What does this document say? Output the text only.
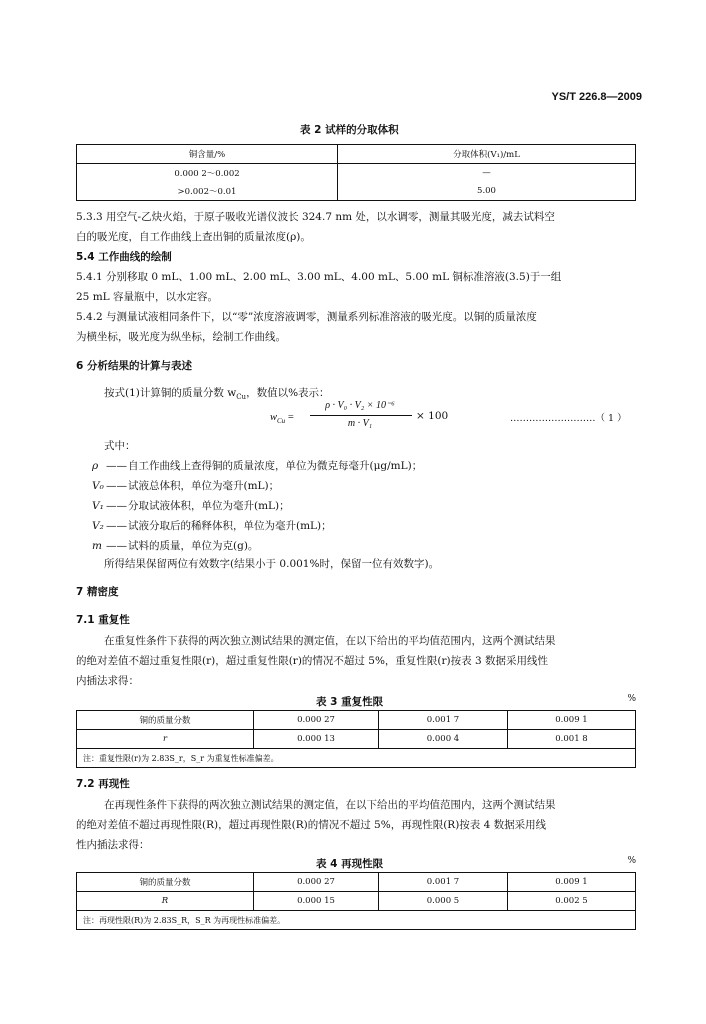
YS/T 226.8—2009
表 2 试样的分取体积
铜含量/%	分取体积(V₁)/mL
0.000 2～0.002	—
>0.002～0.01	5.00
5.3.3 用空气-乙炔火焰，于原子吸收光谱仪波长 324.7 nm 处，以水调零，测量其吸光度，减去试料空
白的吸光度，自工作曲线上查出铜的质量浓度(ρ)。
5.4 工作曲线的绘制
5.4.1 分别移取 0 mL、1.00 mL、2.00 mL、3.00 mL、4.00 mL、5.00 mL 铜标准溶液(3.5)于一组
25 mL 容量瓶中，以水定容。
5.4.2 与测量试液相同条件下，以“零”浓度溶液调零，测量系列标准溶液的吸光度。以铜的质量浓度
为横坐标，吸光度为纵坐标，绘制工作曲线。
6 分析结果的计算与表述
按式(1)计算铜的质量分数 $w_{Cu}$，数值以%表示：
$w_{Cu}$ =
ρ · V₀ · V₂ × 10⁻⁶
m · V₁
× 100	………………………（ 1 ）
式中：
ρ ——自工作曲线上查得铜的质量浓度，单位为微克每毫升(μg/mL)；
V₀ ——试液总体积，单位为毫升(mL)；
V₁ ——分取试液体积，单位为毫升(mL)；
V₂ ——试液分取后的稀释体积，单位为毫升(mL)；
m ——试料的质量，单位为克(g)。
所得结果保留两位有效数字(结果小于 0.001%时，保留一位有效数字)。
7 精密度
7.1 重复性
在重复性条件下获得的两次独立测试结果的测定值，在以下给出的平均值范围内，这两个测试结果
的绝对差值不超过重复性限(r)，超过重复性限(r)的情况不超过 5%，重复性限(r)按表 3 数据采用线性
内插法求得：
表 3 重复性限	%
铜的质量分数	0.000 27	0.001 7	0.009 1
r	0.000 13	0.000 4	0.001 8
注：重复性限(r)为 2.83S_r，S_r 为重复性标准偏差。			
7.2 再现性
在再现性条件下获得的两次独立测试结果的测定值，在以下给出的平均值范围内，这两个测试结果
的绝对差值不超过再现性限(R)，超过再现性限(R)的情况不超过 5%，再现性限(R)按表 4 数据采用线
性内插法求得：
表 4 再现性限	%
铜的质量分数	0.000 27	0.001 7	0.009 1
R	0.000 15	0.000 5	0.002 5
注：再现性限(R)为 2.83S_R，S_R 为再现性标准偏差。			
